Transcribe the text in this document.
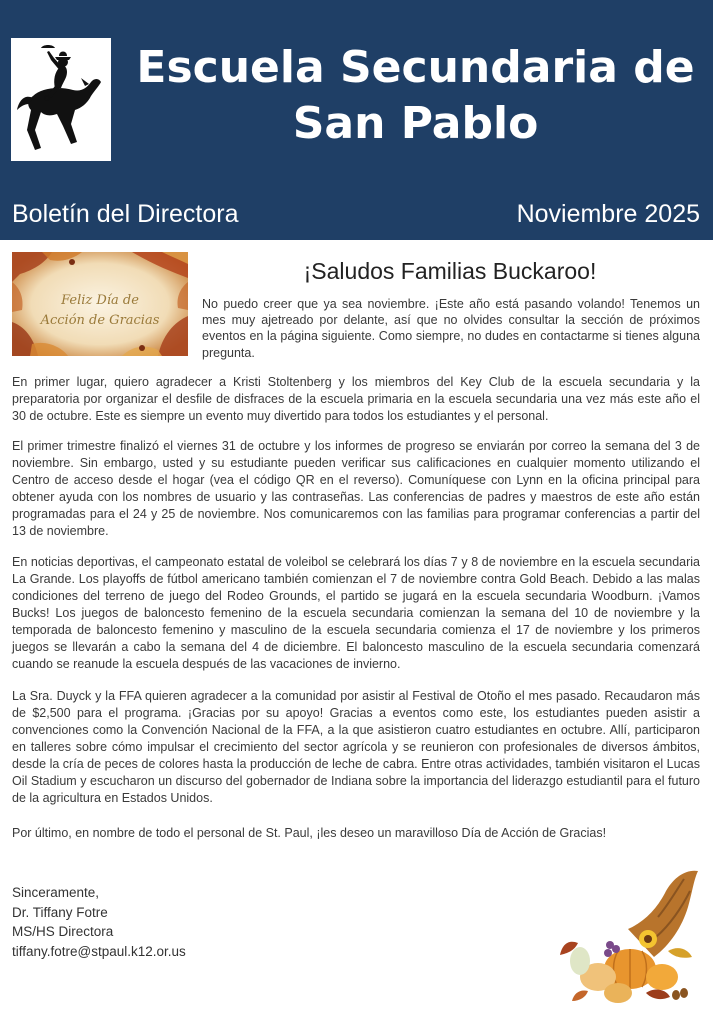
Escuela Secundaria de
San Pablo
Boletín del Directora	Noviembre 2025
Feliz Día de
Acción de Gracias
¡Saludos Familias Buckaroo!
No puedo creer que ya sea noviembre. ¡Este año está pasando volando! Tenemos un mes muy ajetreado por delante, así que no olvides consultar la sección de próximos eventos en la página siguiente. Como siempre, no dudes en contactarme si tienes alguna pregunta.

En primer lugar, quiero agradecer a Kristi Stoltenberg y los miembros del Key Club de la escuela secundaria y la preparatoria por organizar el desfile de disfraces de la escuela primaria en la escuela secundaria una vez más este año el 30 de octubre. Este es siempre un evento muy divertido para todos los estudiantes y el personal.

El primer trimestre finalizó el viernes 31 de octubre y los informes de progreso se enviarán por correo la semana del 3 de noviembre. Sin embargo, usted y su estudiante pueden verificar sus calificaciones en cualquier momento utilizando el Centro de acceso desde el hogar (vea el código QR en el reverso). Comuníquese con Lynn en la oficina principal para obtener ayuda con los nombres de usuario y las contraseñas. Las conferencias de padres y maestros de este año están programadas para el 24 y 25 de noviembre. Nos comunicaremos con las familias para programar conferencias a partir del 13 de noviembre.

En noticias deportivas, el campeonato estatal de voleibol se celebrará los días 7 y 8 de noviembre en la escuela secundaria La Grande. Los playoffs de fútbol americano también comienzan el 7 de noviembre contra Gold Beach. Debido a las malas condiciones del terreno de juego del Rodeo Grounds, el partido se jugará en la escuela secundaria Woodburn. ¡Vamos Bucks! Los juegos de baloncesto femenino de la escuela secundaria comienzan la semana del 10 de noviembre y la temporada de baloncesto femenino y masculino de la escuela secundaria comienza el 17 de noviembre y los primeros juegos se llevarán a cabo la semana del 4 de diciembre. El baloncesto masculino de la escuela secundaria comenzará cuando se reanude la escuela después de las vacaciones de invierno.

La Sra. Duyck y la FFA quieren agradecer a la comunidad por asistir al Festival de Otoño el mes pasado. Recaudaron más de $2,500 para el programa. ¡Gracias por su apoyo! Gracias a eventos como este, los estudiantes pueden asistir a convenciones como la Convención Nacional de la FFA, a la que asistieron cuatro estudiantes en octubre. Allí, participaron en talleres sobre cómo impulsar el crecimiento del sector agrícola y se reunieron con profesionales de diversos ámbitos, desde la cría de peces de colores hasta la producción de leche de cabra. Entre otras actividades, también visitaron el Lucas Oil Stadium y escucharon un discurso del gobernador de Indiana sobre la importancia del liderazgo estudiantil para el futuro de la agricultura en Estados Unidos.

Por último, en nombre de todo el personal de St. Paul, ¡les deseo un maravilloso Día de Acción de Gracias!

Sinceramente,
Dr. Tiffany Fotre
MS/HS Directora
tiffany.fotre@stpaul.k12.or.us
